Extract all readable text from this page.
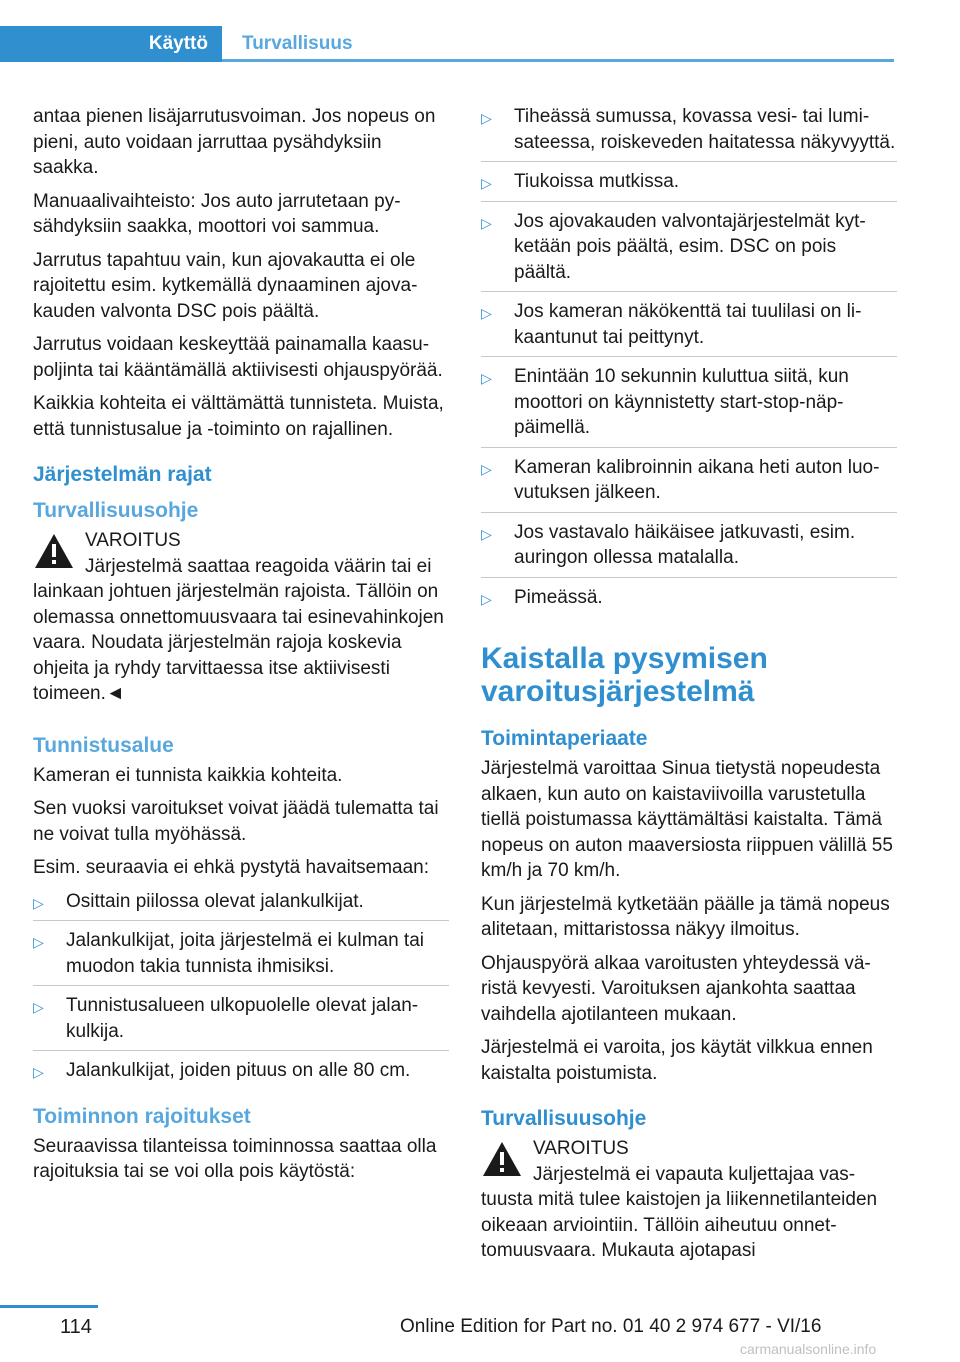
Käyttö	Turvallisuus

antaa pienen lisäjarrutusvoiman. Jos nopeus on pieni, auto voidaan jarruttaa pysähdyksiin saakka.

Manuaalivaihteisto: Jos auto jarrutetaan pysähdyksiin saakka, moottori voi sammua.

Jarrutus tapahtuu vain, kun ajovakautta ei ole rajoitettu esim. kytkemällä dynaaminen ajovakauden valvonta DSC pois päältä.

Jarrutus voidaan keskeyttää painamalla kaasupoljinta tai kääntämällä aktiivisesti ohjauspyörää.

Kaikkia kohteita ei välttämättä tunnisteta. Muista, että tunnistusalue ja -toiminto on rajallinen.

Järjestelmän rajat
Turvallisuusohje
VAROITUS
Järjestelmä saattaa reagoida väärin tai ei lainkaan johtuen järjestelmän rajoista. Tällöin on olemassa onnettomuusvaara tai esinevahinkojen vaara. Noudata järjestelmän rajoja koskevia ohjeita ja ryhdy tarvittaessa itse aktiivisesti toimeen.◄
Tunnistusalue

Kameran ei tunnista kaikkia kohteita.

Sen vuoksi varoitukset voivat jäädä tulematta tai ne voivat tulla myöhässä.

Esim. seuraavia ei ehkä pystytä havaitsemaan:

▷ Osittain piilossa olevat jalankulkijat.
▷ Jalankulkijat, joita järjestelmä ei kulman tai muodon takia tunnista ihmisiksi.
▷ Tunnistusalueen ulkopuolelle olevat jalankulkija.
▷ Jalankulkijat, joiden pituus on alle 80 cm.
Toiminnon rajoitukset

Seuraavissa tilanteissa toiminnossa saattaa olla rajoituksia tai se voi olla pois käytöstä:

▷ Tiheässä sumussa, kovassa vesi- tai lumisateessa, roiskeveden haitatessa näkyvyyttä.
▷ Tiukoissa mutkissa.
▷ Jos ajovakauden valvontajärjestelmät kytketään pois päältä, esim. DSC on pois päältä.
▷ Jos kameran näkökenttä tai tuulilasi on likaantunut tai peittynyt.
▷ Enintään 10 sekunnin kuluttua siitä, kun moottori on käynnistetty start-stop-näppäimellä.
▷ Kameran kalibroinnin aikana heti auton luovutuksen jälkeen.
▷ Jos vastavalo häikäisee jatkuvasti, esim. auringon ollessa matalalla.
▷ Pimeässä.
Kaistalla pysymisen varoitusjärjestelmä
Toimintaperiaate

Järjestelmä varoittaa Sinua tietystä nopeudesta alkaen, kun auto on kaistaviivoilla varustetulla tiellä poistumassa käyttämältäsi kaistalta. Tämä nopeus on auton maaversiosta riippuen välillä 55 km/h ja 70 km/h.

Kun järjestelmä kytketään päälle ja tämä nopeus alitetaan, mittaristossa näkyy ilmoitus.

Ohjauspyörä alkaa varoitusten yhteydessä väristä kevyesti. Varoituksen ajankohta saattaa vaihdella ajotilanteen mukaan.

Järjestelmä ei varoita, jos käytät vilkkua ennen kaistalta poistumista.

Turvallisuusohje
VAROITUS
Järjestelmä ei vapauta kuljettajaa vastuusta mitä tulee kaistojen ja liikennetilanteiden oikeaan arviointiin. Tällöin aiheutuu onnettomuusvaara. Mukauta ajotapasi
114	Online Edition for Part no. 01 40 2 974 677 - VI/16
carmanualsonline.info
